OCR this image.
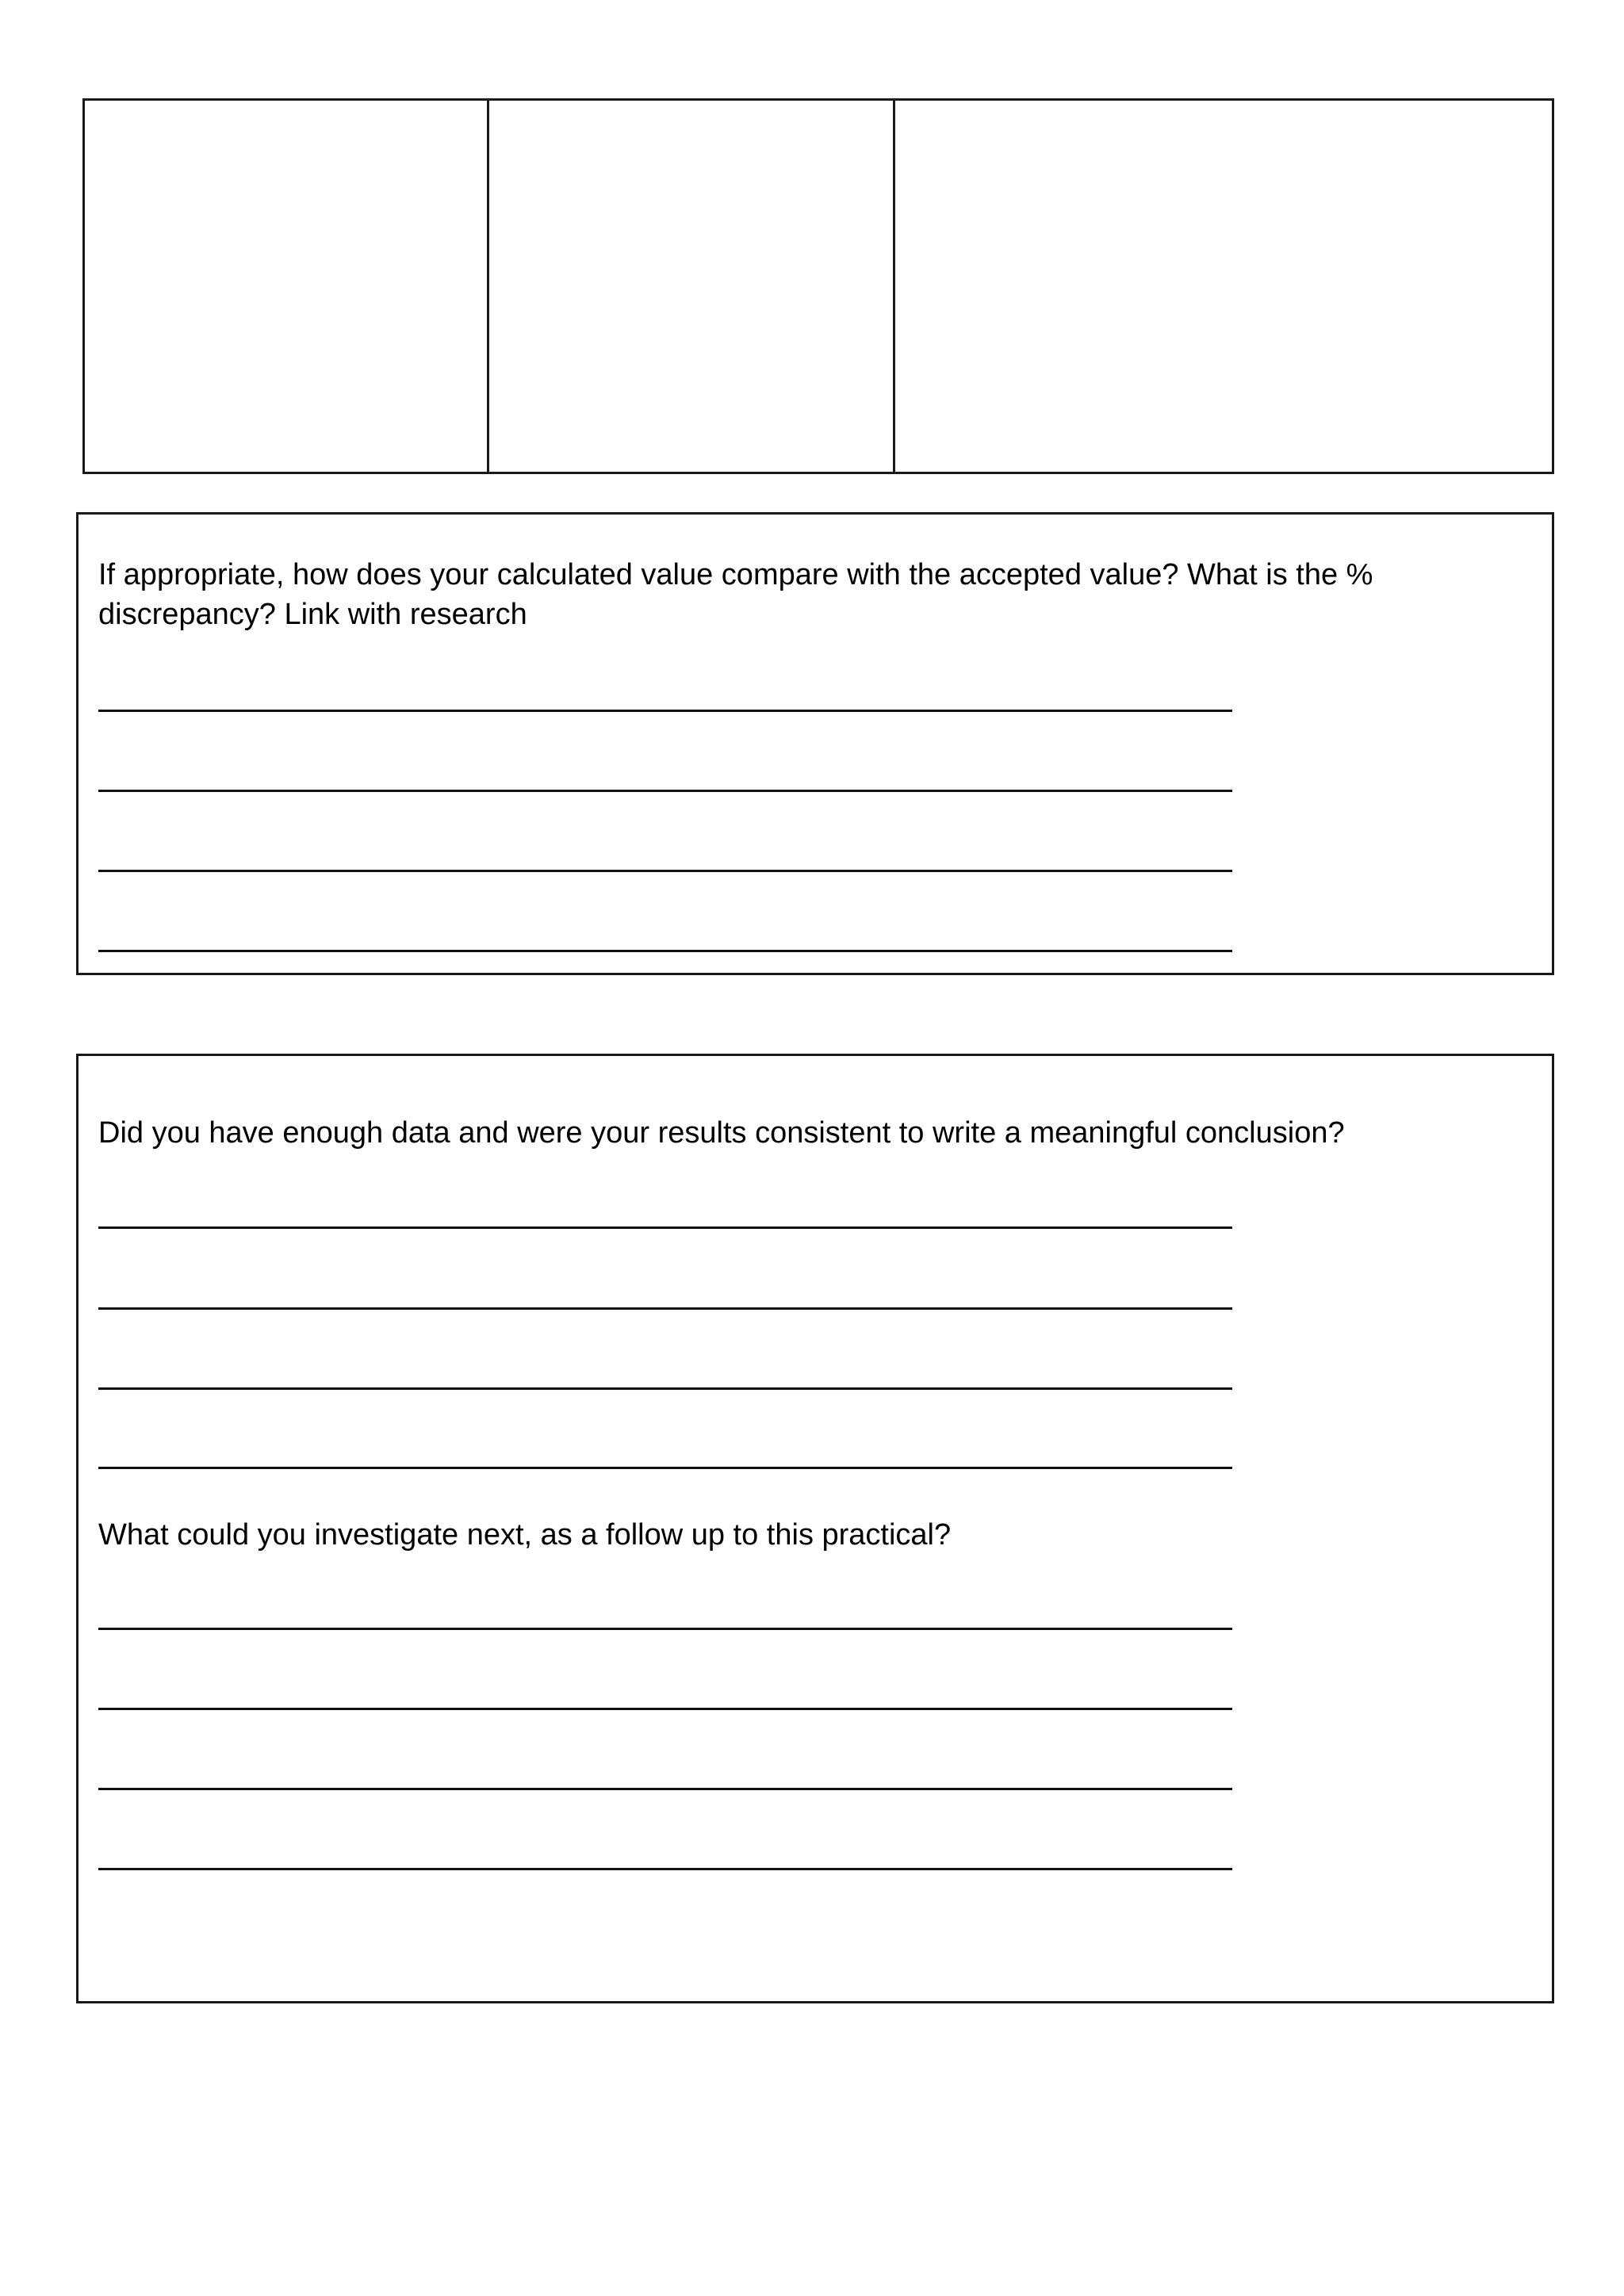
If appropriate, how does your calculated value compare with the accepted value? What is the % discrepancy? Link with research

Did you have enough data and were your results consistent to write a meaningful conclusion?

What could you investigate next, as a follow up to this practical?
